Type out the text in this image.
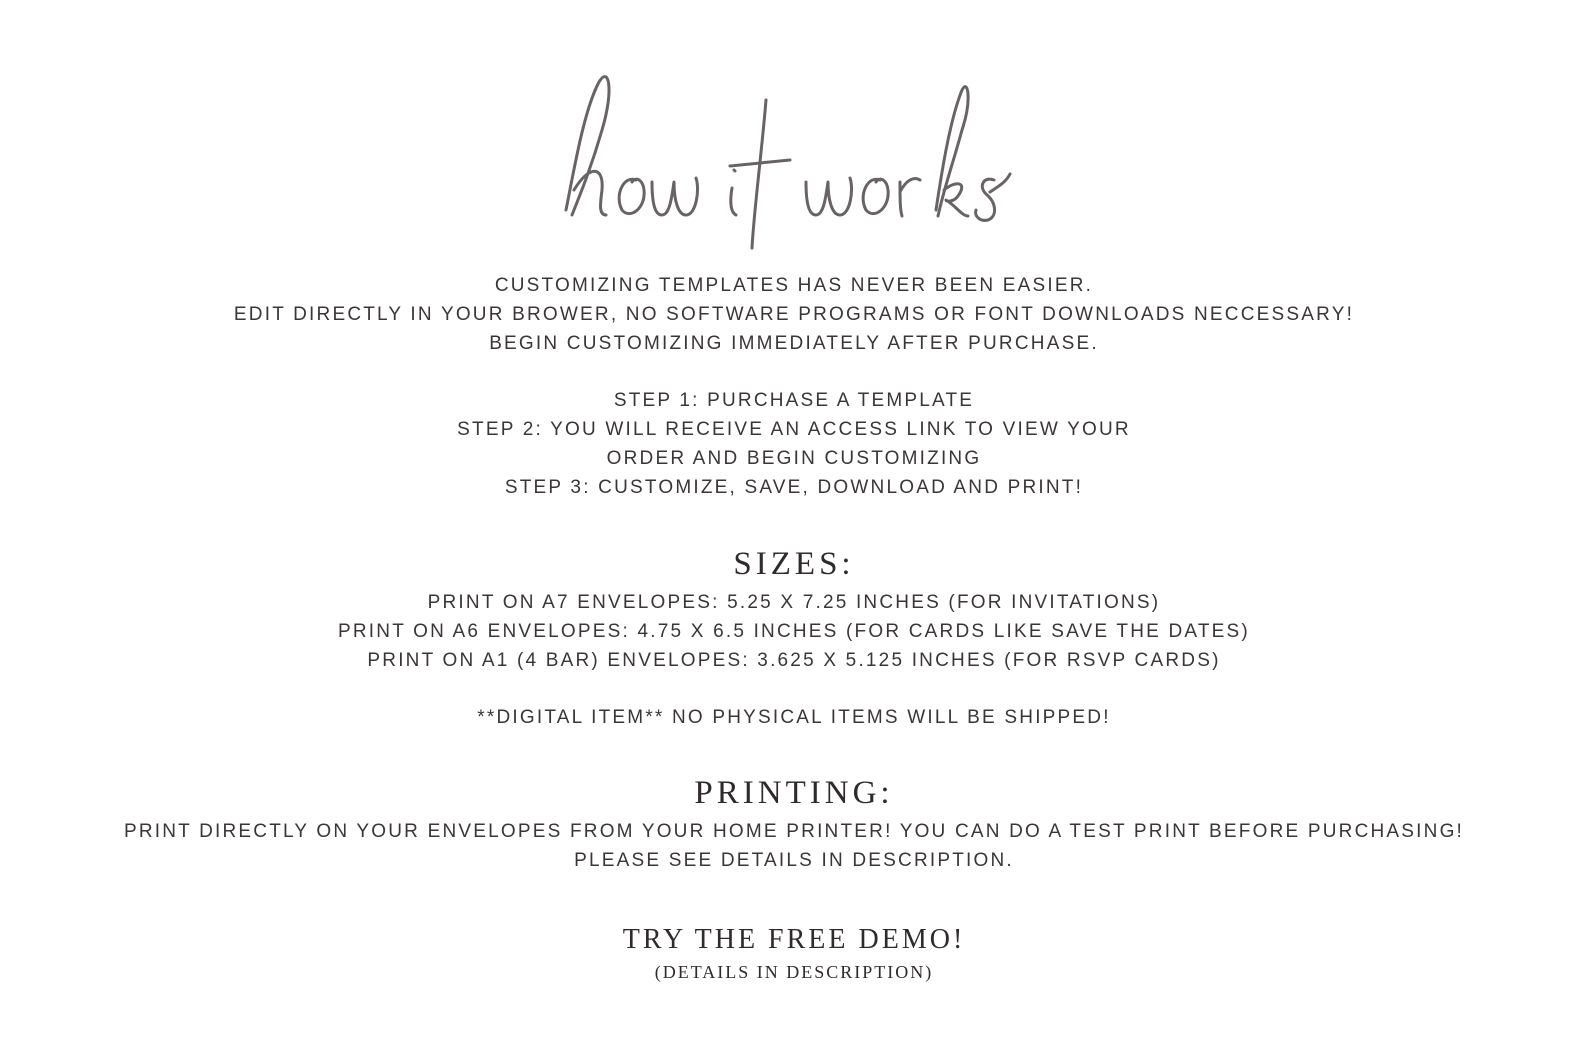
CUSTOMIZING TEMPLATES HAS NEVER BEEN EASIER.
EDIT DIRECTLY IN YOUR BROWER, NO SOFTWARE PROGRAMS OR FONT DOWNLOADS NECCESSARY!
BEGIN CUSTOMIZING IMMEDIATELY AFTER PURCHASE.
STEP 1: PURCHASE A TEMPLATE
STEP 2: YOU WILL RECEIVE AN ACCESS LINK TO VIEW YOUR
ORDER AND BEGIN CUSTOMIZING
STEP 3: CUSTOMIZE, SAVE, DOWNLOAD AND PRINT!
SIZES:
PRINT ON A7 ENVELOPES: 5.25 X 7.25 INCHES (FOR INVITATIONS)
PRINT ON A6 ENVELOPES: 4.75 X 6.5 INCHES (FOR CARDS LIKE SAVE THE DATES)
PRINT ON A1 (4 BAR) ENVELOPES: 3.625 X 5.125 INCHES (FOR RSVP CARDS)
**DIGITAL ITEM** NO PHYSICAL ITEMS WILL BE SHIPPED!
PRINTING:
PRINT DIRECTLY ON YOUR ENVELOPES FROM YOUR HOME PRINTER! YOU CAN DO A TEST PRINT BEFORE PURCHASING!
PLEASE SEE DETAILS IN DESCRIPTION.
TRY THE FREE DEMO!
(DETAILS IN DESCRIPTION)
